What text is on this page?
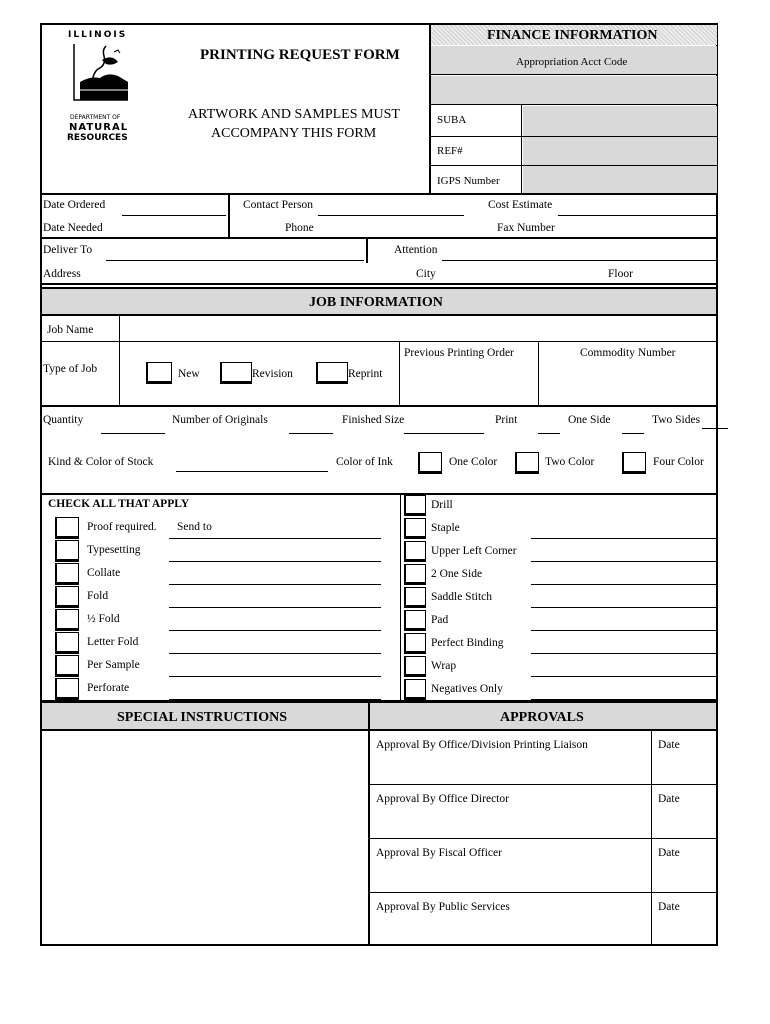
ILLINOIS
DEPARTMENT OF
NATURAL
RESOURCES
PRINTING REQUEST FORM
ARTWORK AND SAMPLES MUST
ACCOMPANY THIS FORM
FINANCE INFORMATION
Appropriation Acct Code
SUBA
REF#
IGPS Number
Date Ordered	Contact Person	Cost Estimate
Date Needed	Phone	Fax Number
Deliver To	Attention
Address	City	Floor
JOB INFORMATION
Job Name
Type of Job	New	Revision	Reprint
Previous Printing Order	Commodity Number
Quantity	Number of Originals	Finished Size	Print	One Side	Two Sides
Kind & Color of Stock	Color of Ink	One Color	Two Color	Four Color
CHECK ALL THAT APPLY
Send to
Proof required.
Typesetting
Collate
Fold
½ Fold
Letter Fold
Per Sample
Perforate
Drill
Staple
Upper Left Corner
2 One Side
Saddle Stitch
Pad
Perfect Binding
Wrap
Negatives Only
SPECIAL INSTRUCTIONS	APPROVALS
Approval By Office/Division Printing Liaison	Date
Approval By Office Director	Date
Approval By Fiscal Officer	Date
Approval By Public Services	Date
